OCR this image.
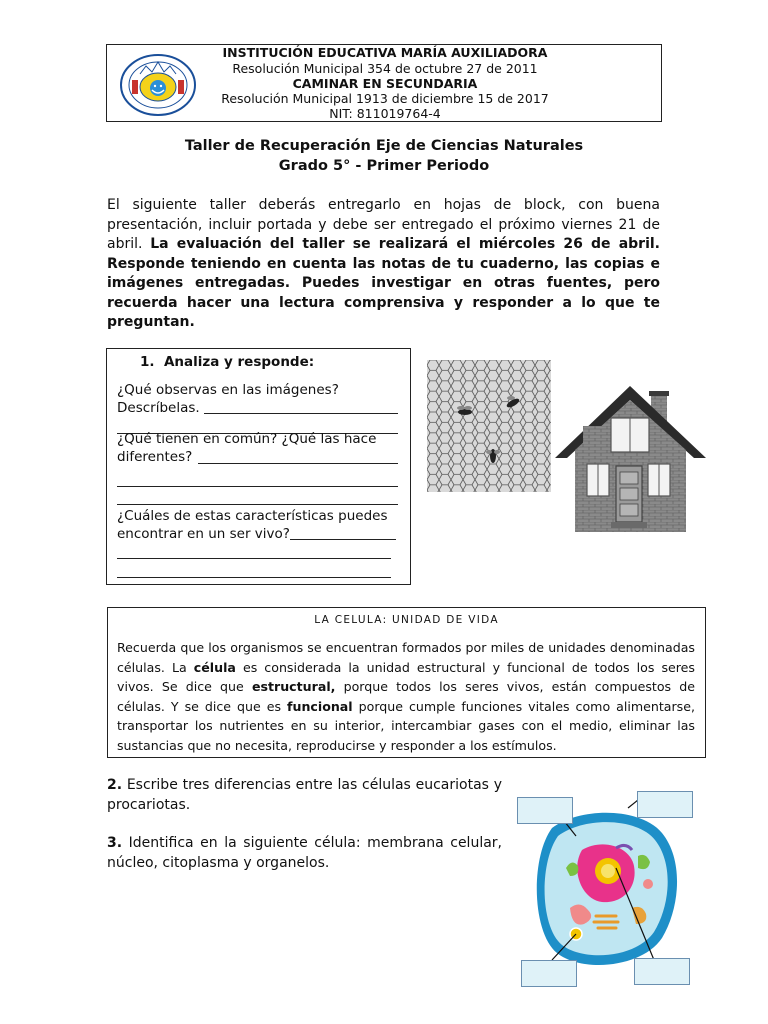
INSTITUCIÓN EDUCATIVA MARÍA AUXILIADORA
Resolución Municipal 354 de octubre 27 de 2011
CAMINAR EN SECUNDARIA
Resolución Municipal 1913 de diciembre 15 de 2017
NIT: 811019764-4
Taller de Recuperación Eje de Ciencias Naturales
Grado 5° - Primer Periodo

El siguiente taller deberás entregarlo en hojas de block, con buena presentación, incluir portada y debe ser entregado el próximo viernes 21 de abril. La evaluación del taller se realizará el miércoles 26 de abril. Responde teniendo en cuenta las notas de tu cuaderno, las copias e imágenes entregadas. Puedes investigar en otras fuentes, pero recuerda hacer una lectura comprensiva y responder a lo que te preguntan.

1. Analiza y responde:
¿Qué observas en las imágenes?
Descríbelas.
¿Qué tienen en común? ¿Qué las hace
diferentes?
¿Cuáles de estas características puedes
encontrar en un ser vivo?
LA CELULA: UNIDAD DE VIDA
Recuerda que los organismos se encuentran formados por miles de unidades denominadas células. La célula es considerada la unidad estructural y funcional de todos los seres vivos. Se dice que estructural, porque todos los seres vivos, están compuestos de células. Y se dice que es funcional porque cumple funciones vitales como alimentarse, transportar los nutrientes en su interior, intercambiar gases con el medio, eliminar las sustancias que no necesita, reproducirse y responder a los estímulos.

2. Escribe tres diferencias entre las células eucariotas y procariotas.

3. Identifica en la siguiente célula: membrana celular, núcleo, citoplasma y organelos.
